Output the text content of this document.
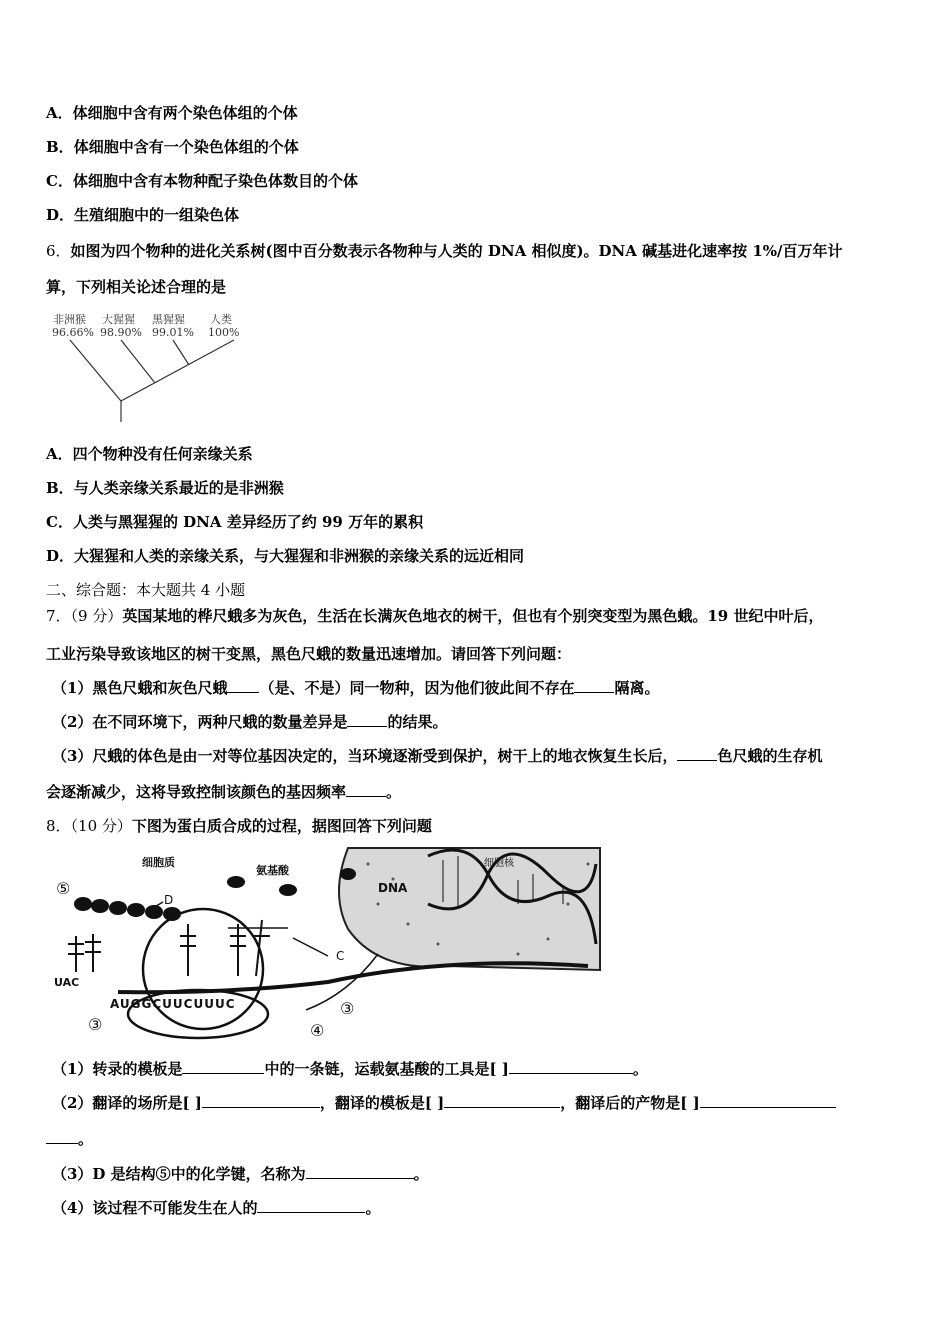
A．体细胞中含有两个染色体组的个体
B．体细胞中含有一个染色体组的个体
C．体细胞中含有本物种配子染色体数目的个体
D．生殖细胞中的一组染色体
6．如图为四个物种的进化关系树(图中百分数表示各物种与人类的 DNA 相似度)。DNA 碱基进化速率按 1%/百万年计
算，下列相关论述合理的是
非洲猴
96.66%
大猩猩
98.90%
黑猩猩
99.01%
人类
100%
A．四个物种没有任何亲缘关系
B．与人类亲缘关系最近的是非洲猴
C．人类与黑猩猩的 DNA 差异经历了约 99 万年的累积
D．大猩猩和人类的亲缘关系，与大猩猩和非洲猴的亲缘关系的远近相同
二、综合题：本大题共 4 小题
7．（9 分）英国某地的桦尺蛾多为灰色，生活在长满灰色地衣的树干，但也有个别突变型为黑色蛾。19 世纪中叶后，
工业污染导致该地区的树干变黑，黑色尺蛾的数量迅速增加。请回答下列问题：
（1）黑色尺蛾和灰色尺蛾 （是、不是）同一物种，因为他们彼此间不存在	隔离。
（2）在不同环境下，两种尺蛾的数量差异是	的结果。
（3）尺蛾的体色是由一对等位基因决定的，当环境逐渐受到保护，树干上的地衣恢复生长后，	色尺蛾的生存机
会逐渐减少，这将导致控制该颜色的基因频率	。
8．（10 分）下图为蛋白质合成的过程，据图回答下列问题
细胞核
DNA
细胞质
氨基酸
⑤
D
C
UAC
AUGGCUUCUUUC
③
③
④
（1）转录的模板是	中的一条链，运载氨基酸的工具是[ ]	。
（2）翻译的场所是[ ]	，翻译的模板是[ ]	，翻译后的产物是[ ]
。
（3）D 是结构⑤中的化学键，名称为	。
（4）该过程不可能发生在人的	。
